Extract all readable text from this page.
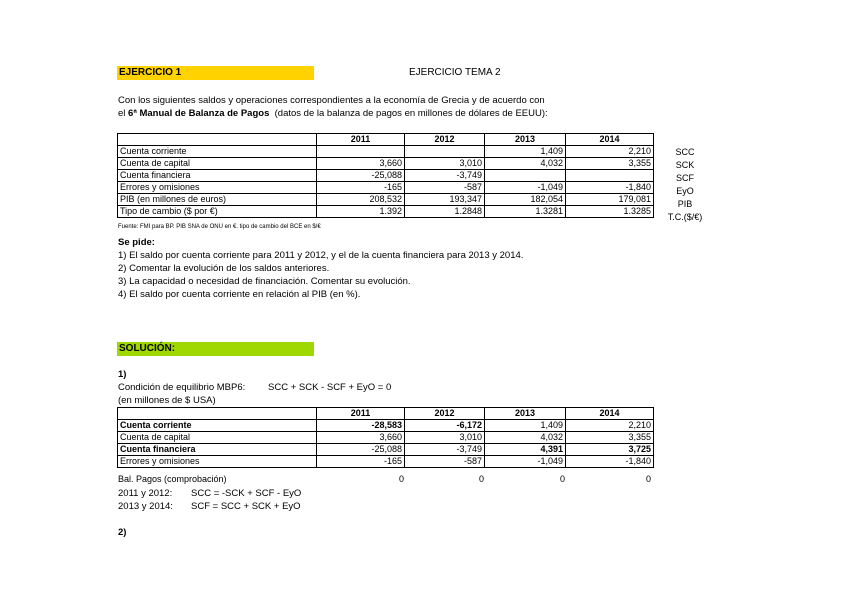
EJERCICIO 1	EJERCICIO TEMA 2
Con los siguientes saldos y operaciones correspondientes a la economía de Grecia y de acuerdo con
el 6ª Manual de Balanza de Pagos  (datos de la balanza de pagos en millones de dólares de EEUU):
	2011	2012	2013	2014
Cuenta corriente			1,409	2,210
Cuenta de capital	3,660	3,010	4,032	3,355
Cuenta financiera	-25,088	-3,749		
Errores y omisiones	-165	-587	-1,049	-1,840
PIB (en millones de euros)	208,532	193,347	182,054	179,081
Tipo de cambio ($ por €)	1.392	1.2848	1.3281	1.3285
SCC
SCK
SCF
EyO
PIB
T.C.($/€)
Fuente: FMI para BP. PIB SNA de ONU en €. tipo de cambio del BCE en $/€
Se pide:
1) El saldo por cuenta corriente para 2011 y 2012, y el de la cuenta financiera para 2013 y 2014.
2) Comentar la evolución de los saldos anteriores.
3) La capacidad o necesidad de financiación. Comentar su evolución.
4) El saldo por cuenta corriente en relación al PIB (en %).
SOLUCIÓN:
1)
Condición de equilibrio MBP6: SCC + SCK - SCF + EyO = 0
(en millones de $ USA)
	2011	2012	2013	2014
Cuenta corriente	-28,583	-6,172	1,409	2,210
Cuenta de capital	3,660	3,010	4,032	3,355
Cuenta financiera	-25,088	-3,749	4,391	3,725
Errores y omisiones	-165	-587	-1,049	-1,840
Bal. Pagos (comprobación)	0	0	0	0
2011 y 2012: SCC = -SCK + SCF - EyO
2013 y 2014: SCF = SCC + SCK + EyO
2)
